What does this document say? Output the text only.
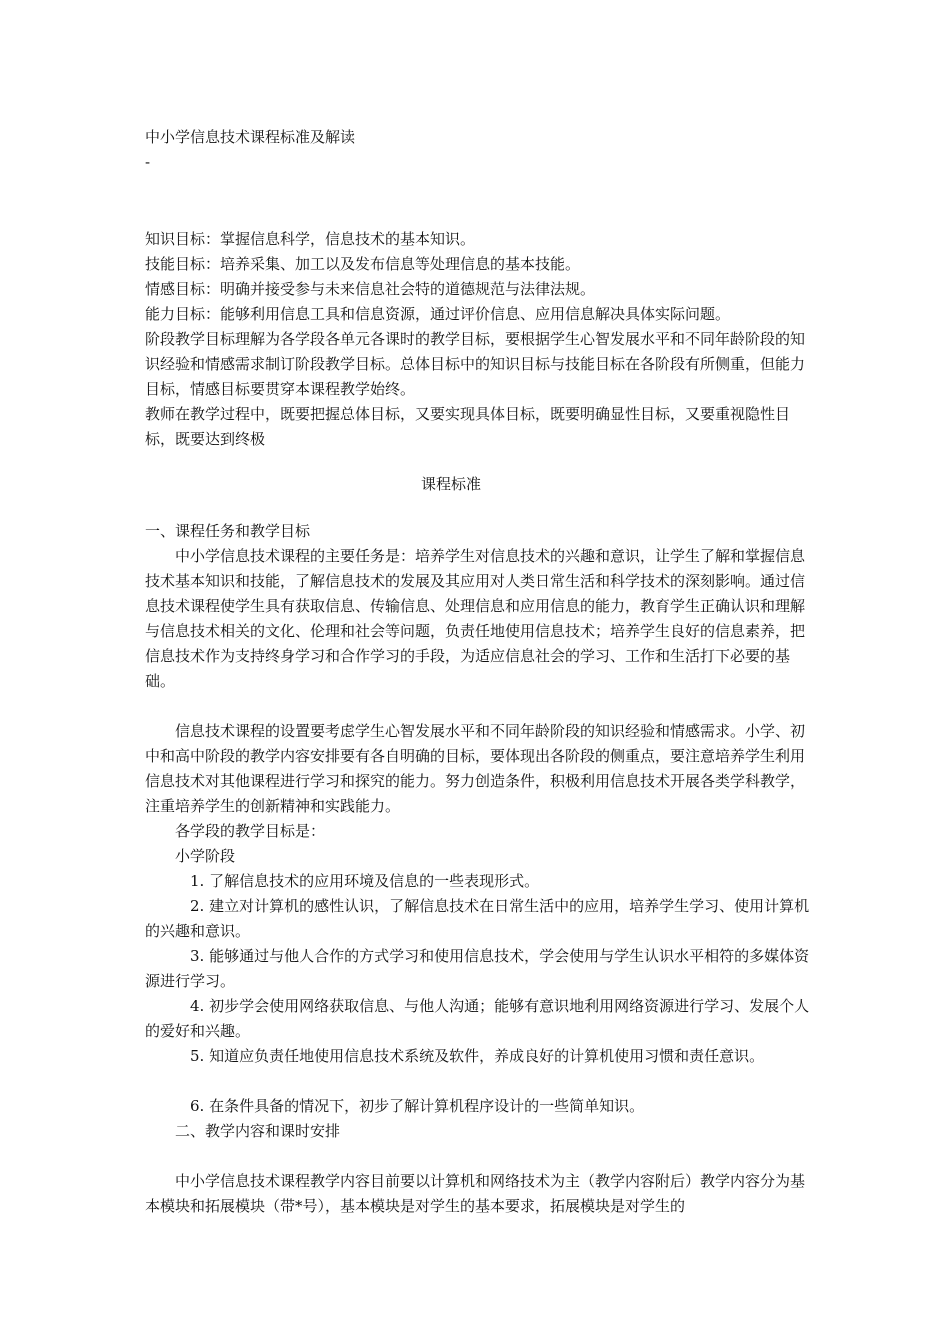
中小学信息技术课程标准及解读

-

知识目标：掌握信息科学，信息技术的基本知识。

技能目标：培养采集、加工以及发布信息等处理信息的基本技能。

情感目标：明确并接受参与未来信息社会特的道德规范与法律法规。

能力目标：能够利用信息工具和信息资源，通过评价信息、应用信息解决具体实际问题。

阶段教学目标理解为各学段各单元各课时的教学目标，要根据学生心智发展水平和不同年龄阶段的知识经验和情感需求制订阶段教学目标。总体目标中的知识目标与技能目标在各阶段有所侧重，但能力目标，情感目标要贯穿本课程教学始终。

教师在教学过程中，既要把握总体目标，又要实现具体目标，既要明确显性目标，又要重视隐性目标，既要达到终极

课程标准

一、课程任务和教学目标

中小学信息技术课程的主要任务是：培养学生对信息技术的兴趣和意识，让学生了解和掌握信息技术基本知识和技能，了解信息技术的发展及其应用对人类日常生活和科学技术的深刻影响。通过信息技术课程使学生具有获取信息、传输信息、处理信息和应用信息的能力，教育学生正确认识和理解与信息技术相关的文化、伦理和社会等问题，负责任地使用信息技术；培养学生良好的信息素养，把信息技术作为支持终身学习和合作学习的手段，为适应信息社会的学习、工作和生活打下必要的基础。

信息技术课程的设置要考虑学生心智发展水平和不同年龄阶段的知识经验和情感需求。小学、初中和高中阶段的教学内容安排要有各自明确的目标，要体现出各阶段的侧重点，要注意培养学生利用信息技术对其他课程进行学习和探究的能力。努力创造条件，积极利用信息技术开展各类学科教学，注重培养学生的创新精神和实践能力。

各学段的教学目标是：

小学阶段

1. 了解信息技术的应用环境及信息的一些表现形式。

2. 建立对计算机的感性认识，了解信息技术在日常生活中的应用，培养学生学习、使用计算机的兴趣和意识。

3. 能够通过与他人合作的方式学习和使用信息技术，学会使用与学生认识水平相符的多媒体资源进行学习。

4. 初步学会使用网络获取信息、与他人沟通；能够有意识地利用网络资源进行学习、发展个人的爱好和兴趣。

5. 知道应负责任地使用信息技术系统及软件，养成良好的计算机使用习惯和责任意识。

6. 在条件具备的情况下，初步了解计算机程序设计的一些简单知识。

二、教学内容和课时安排

中小学信息技术课程教学内容目前要以计算机和网络技术为主（教学内容附后）教学内容分为基本模块和拓展模块（带*号），基本模块是对学生的基本要求，拓展模块是对学生的
